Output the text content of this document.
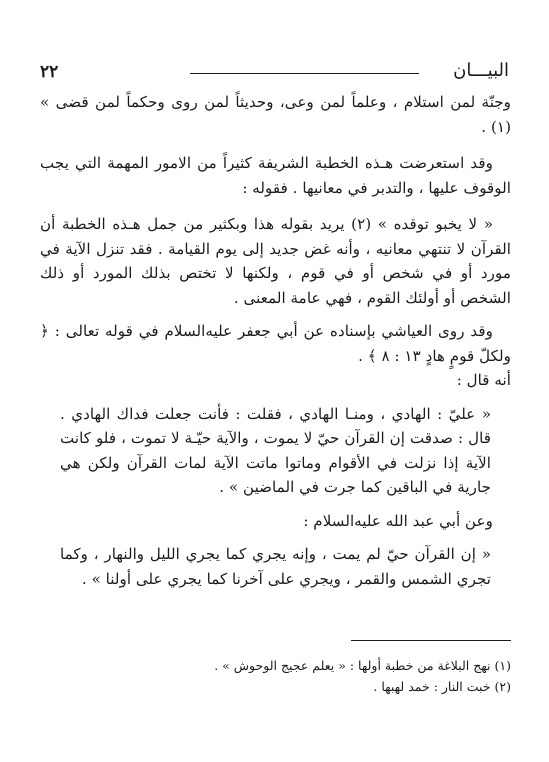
٢٢	البيـــان

وجنّة لمن استلام ، وعلماً لمن وعى، وحديثاً لمن روى وحكماً لمن قضى » (١) .

وقد استعرضت هـذه الخطبة الشريفة كثيراً من الامور المهمة التي يجب الوقوف عليها ، والتدبر في معانيها . فقوله :

« لا يخبو توقده » (٢) يريد بقوله هذا وبكثير من جمل هـذه الخطبة أن القرآن لا تنتهي معانيه ، وأنه غض جديد إلى يوم القيامة . فقد تنزل الآية في مورد أو في شخص أو في قوم ، ولكنها لا تختص بذلك المورد أو ذلك الشخص أو أولئك القوم ، فهي عامة المعنى .

وقد روى العياشي بإسناده عن أبي جعفر عليه‌السلام في قوله تعالى : ﴿ ولكلّ قومٍ هادٍ ١٣ : ٨ ﴾ .

أنه قال :

« عليّ : الهادي ، ومنـا الهادي ، فقلت : فأنت جعلت فداك الهادي . قال : صدقت إن القرآن حيّ لا يموت ، والآية حيّـة لا تموت ، فلو كانت الآية إذا نزلت في الأقوام وماتوا ماتت الآية لمات القرآن ولكن هي جارية في الباقين كما جرت في الماضين » .

وعن أبي عبد الله عليه‌السلام :

« إن القرآن حيّ لم يمت ، وإنه يجري كما يجري الليل والنهار ، وكما تجري الشمس والقمر ، ويجري على آخرنا كما يجري على أولنا » .

(١) نهج البلاغة من خطبة أولها : « يعلم عجيج الوحوش » .

(٢) خبت النار : خمد لهبها .
